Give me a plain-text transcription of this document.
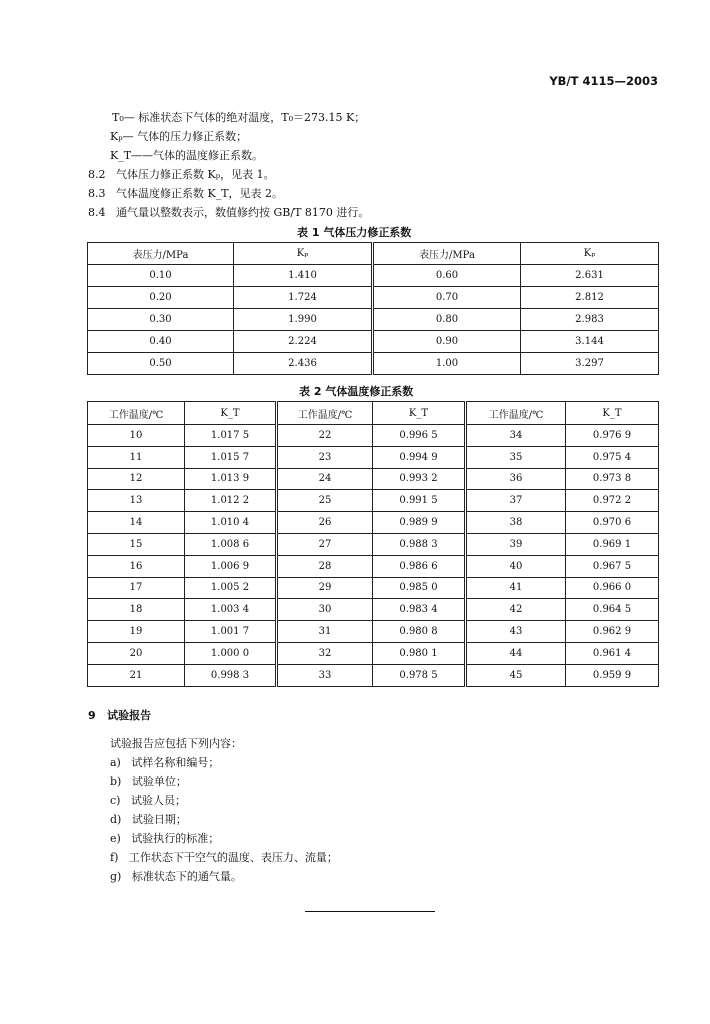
YB/T 4115—2003
T₀— 标准状态下气体的绝对温度，T₀＝273.15 K；
Kₚ— 气体的压力修正系数；
K_T——气体的温度修正系数。
8.2 气体压力修正系数 Kₚ，见表 1。
8.3 气体温度修正系数 K_T，见表 2。
8.4 通气量以整数表示，数值修约按 GB/T 8170 进行。
表 1 气体压力修正系数
表压力/MPa	Kₚ	表压力/MPa	Kₚ
0.10	1.410	0.60	2.631
0.20	1.724	0.70	2.812
0.30	1.990	0.80	2.983
0.40	2.224	0.90	3.144
0.50	2.436	1.00	3.297
表 2 气体温度修正系数
工作温度/℃	K_T	工作温度/℃	K_T	工作温度/℃	K_T
10	1.017 5	22	0.996 5	34	0.976 9
11	1.015 7	23	0.994 9	35	0.975 4
12	1.013 9	24	0.993 2	36	0.973 8
13	1.012 2	25	0.991 5	37	0.972 2
14	1.010 4	26	0.989 9	38	0.970 6
15	1.008 6	27	0.988 3	39	0.969 1
16	1.006 9	28	0.986 6	40	0.967 5
17	1.005 2	29	0.985 0	41	0.966 0
18	1.003 4	30	0.983 4	42	0.964 5
19	1.001 7	31	0.980 8	43	0.962 9
20	1.000 0	32	0.980 1	44	0.961 4
21	0.998 3	33	0.978 5	45	0.959 9
9 试验报告
试验报告应包括下列内容：
a) 试样名称和编号；
b) 试验单位；
c) 试验人员；
d) 试验日期；
e) 试验执行的标准；
f) 工作状态下干空气的温度、表压力、流量；
g) 标准状态下的通气量。
